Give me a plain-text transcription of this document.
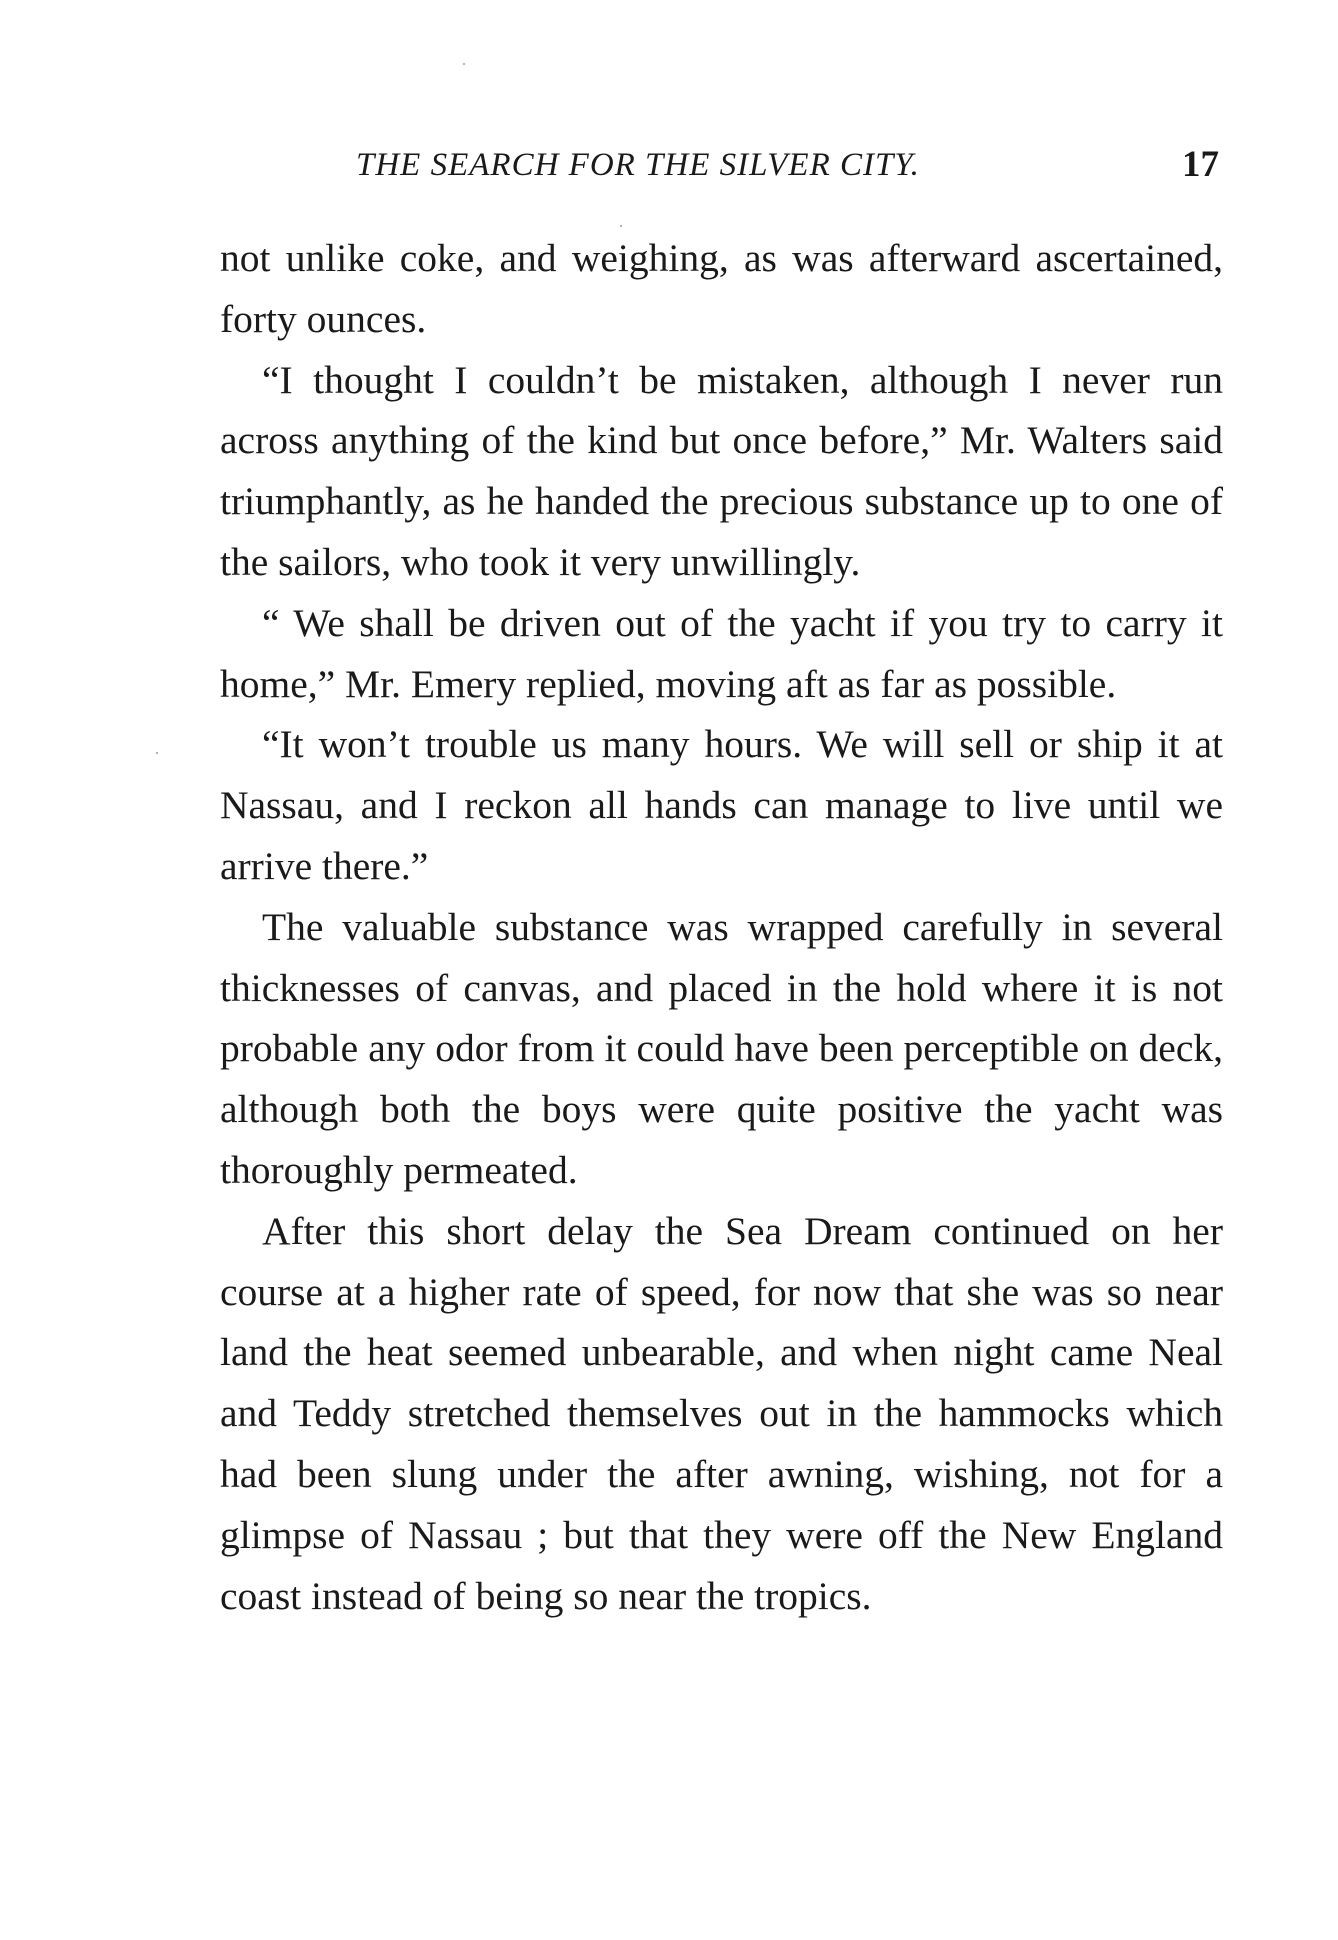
THE SEARCH FOR THE SILVER CITY.	17

not unlike coke, and weighing, as was afterward ascertained, forty ounces.

“I thought I couldn’t be mistaken, although I never run across anything of the kind but once before,” Mr. Walters said triumphantly, as he handed the precious substance up to one of the sailors, who took it very unwillingly.

“ We shall be driven out of the yacht if you try to carry it home,” Mr. Emery replied, moving aft as far as possible.

“It won’t trouble us many hours. We will sell or ship it at Nassau, and I reckon all hands can manage to live until we arrive there.”

The valuable substance was wrapped carefully in several thicknesses of canvas, and placed in the hold where it is not probable any odor from it could have been perceptible on deck, although both the boys were quite positive the yacht was thoroughly permeated.

After this short delay the Sea Dream continued on her course at a higher rate of speed, for now that she was so near land the heat seemed unbearable, and when night came Neal and Teddy stretched themselves out in the hammocks which had been slung under the after awning, wishing, not for a glimpse of Nassau ; but that they were off the New England coast instead of being so near the tropics.
